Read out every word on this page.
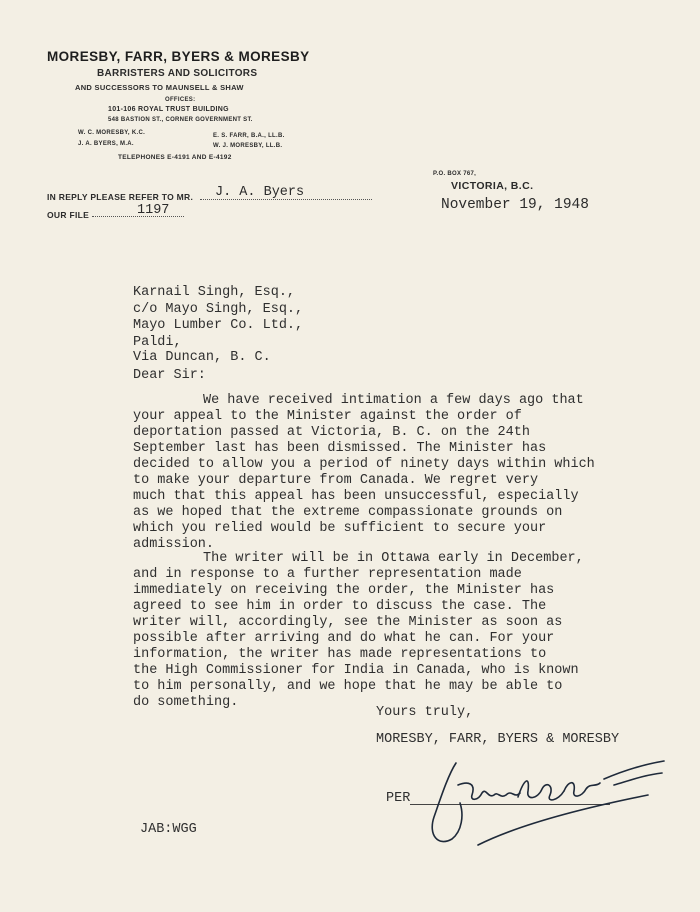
MORESBY, FARR, BYERS & MORESBY
BARRISTERS AND SOLICITORS
AND SUCCESSORS TO MAUNSELL & SHAW
OFFICES:
101-106 ROYAL TRUST BUILDING
548 BASTION ST., CORNER GOVERNMENT ST.
W. C. MORESBY, K.C.	E. S. FARR, B.A., LL.B.
J. A. BYERS, M.A.	W. J. MORESBY, LL.B.
TELEPHONES E-4191 AND E-4192
P.O. BOX 767,
VICTORIA, B.C.
November 19, 1948
IN REPLY PLEASE REFER TO MR. J. A. Byers
OUR FILE	1197
Karnail Singh, Esq.,
c/o Mayo Singh, Esq.,
Mayo Lumber Co. Ltd.,
Paldi,
Via Duncan, B. C.
Dear Sir:
We have received intimation a few days ago that
your appeal to the Minister against the order of
deportation passed at Victoria, B. C. on the 24th
September last has been dismissed. The Minister has
decided to allow you a period of ninety days within which
to make your departure from Canada. We regret very
much that this appeal has been unsuccessful, especially
as we hoped that the extreme compassionate grounds on
which you relied would be sufficient to secure your
admission.
The writer will be in Ottawa early in December,
and in response to a further representation made
immediately on receiving the order, the Minister has
agreed to see him in order to discuss the case. The
writer will, accordingly, see the Minister as soon as
possible after arriving and do what he can. For your
information, the writer has made representations to
the High Commissioner for India in Canada, who is known
to him personally, and we hope that he may be able to
do something.
Yours truly,
MORESBY, FARR, BYERS & MORESBY
PER
JAB:WGG
